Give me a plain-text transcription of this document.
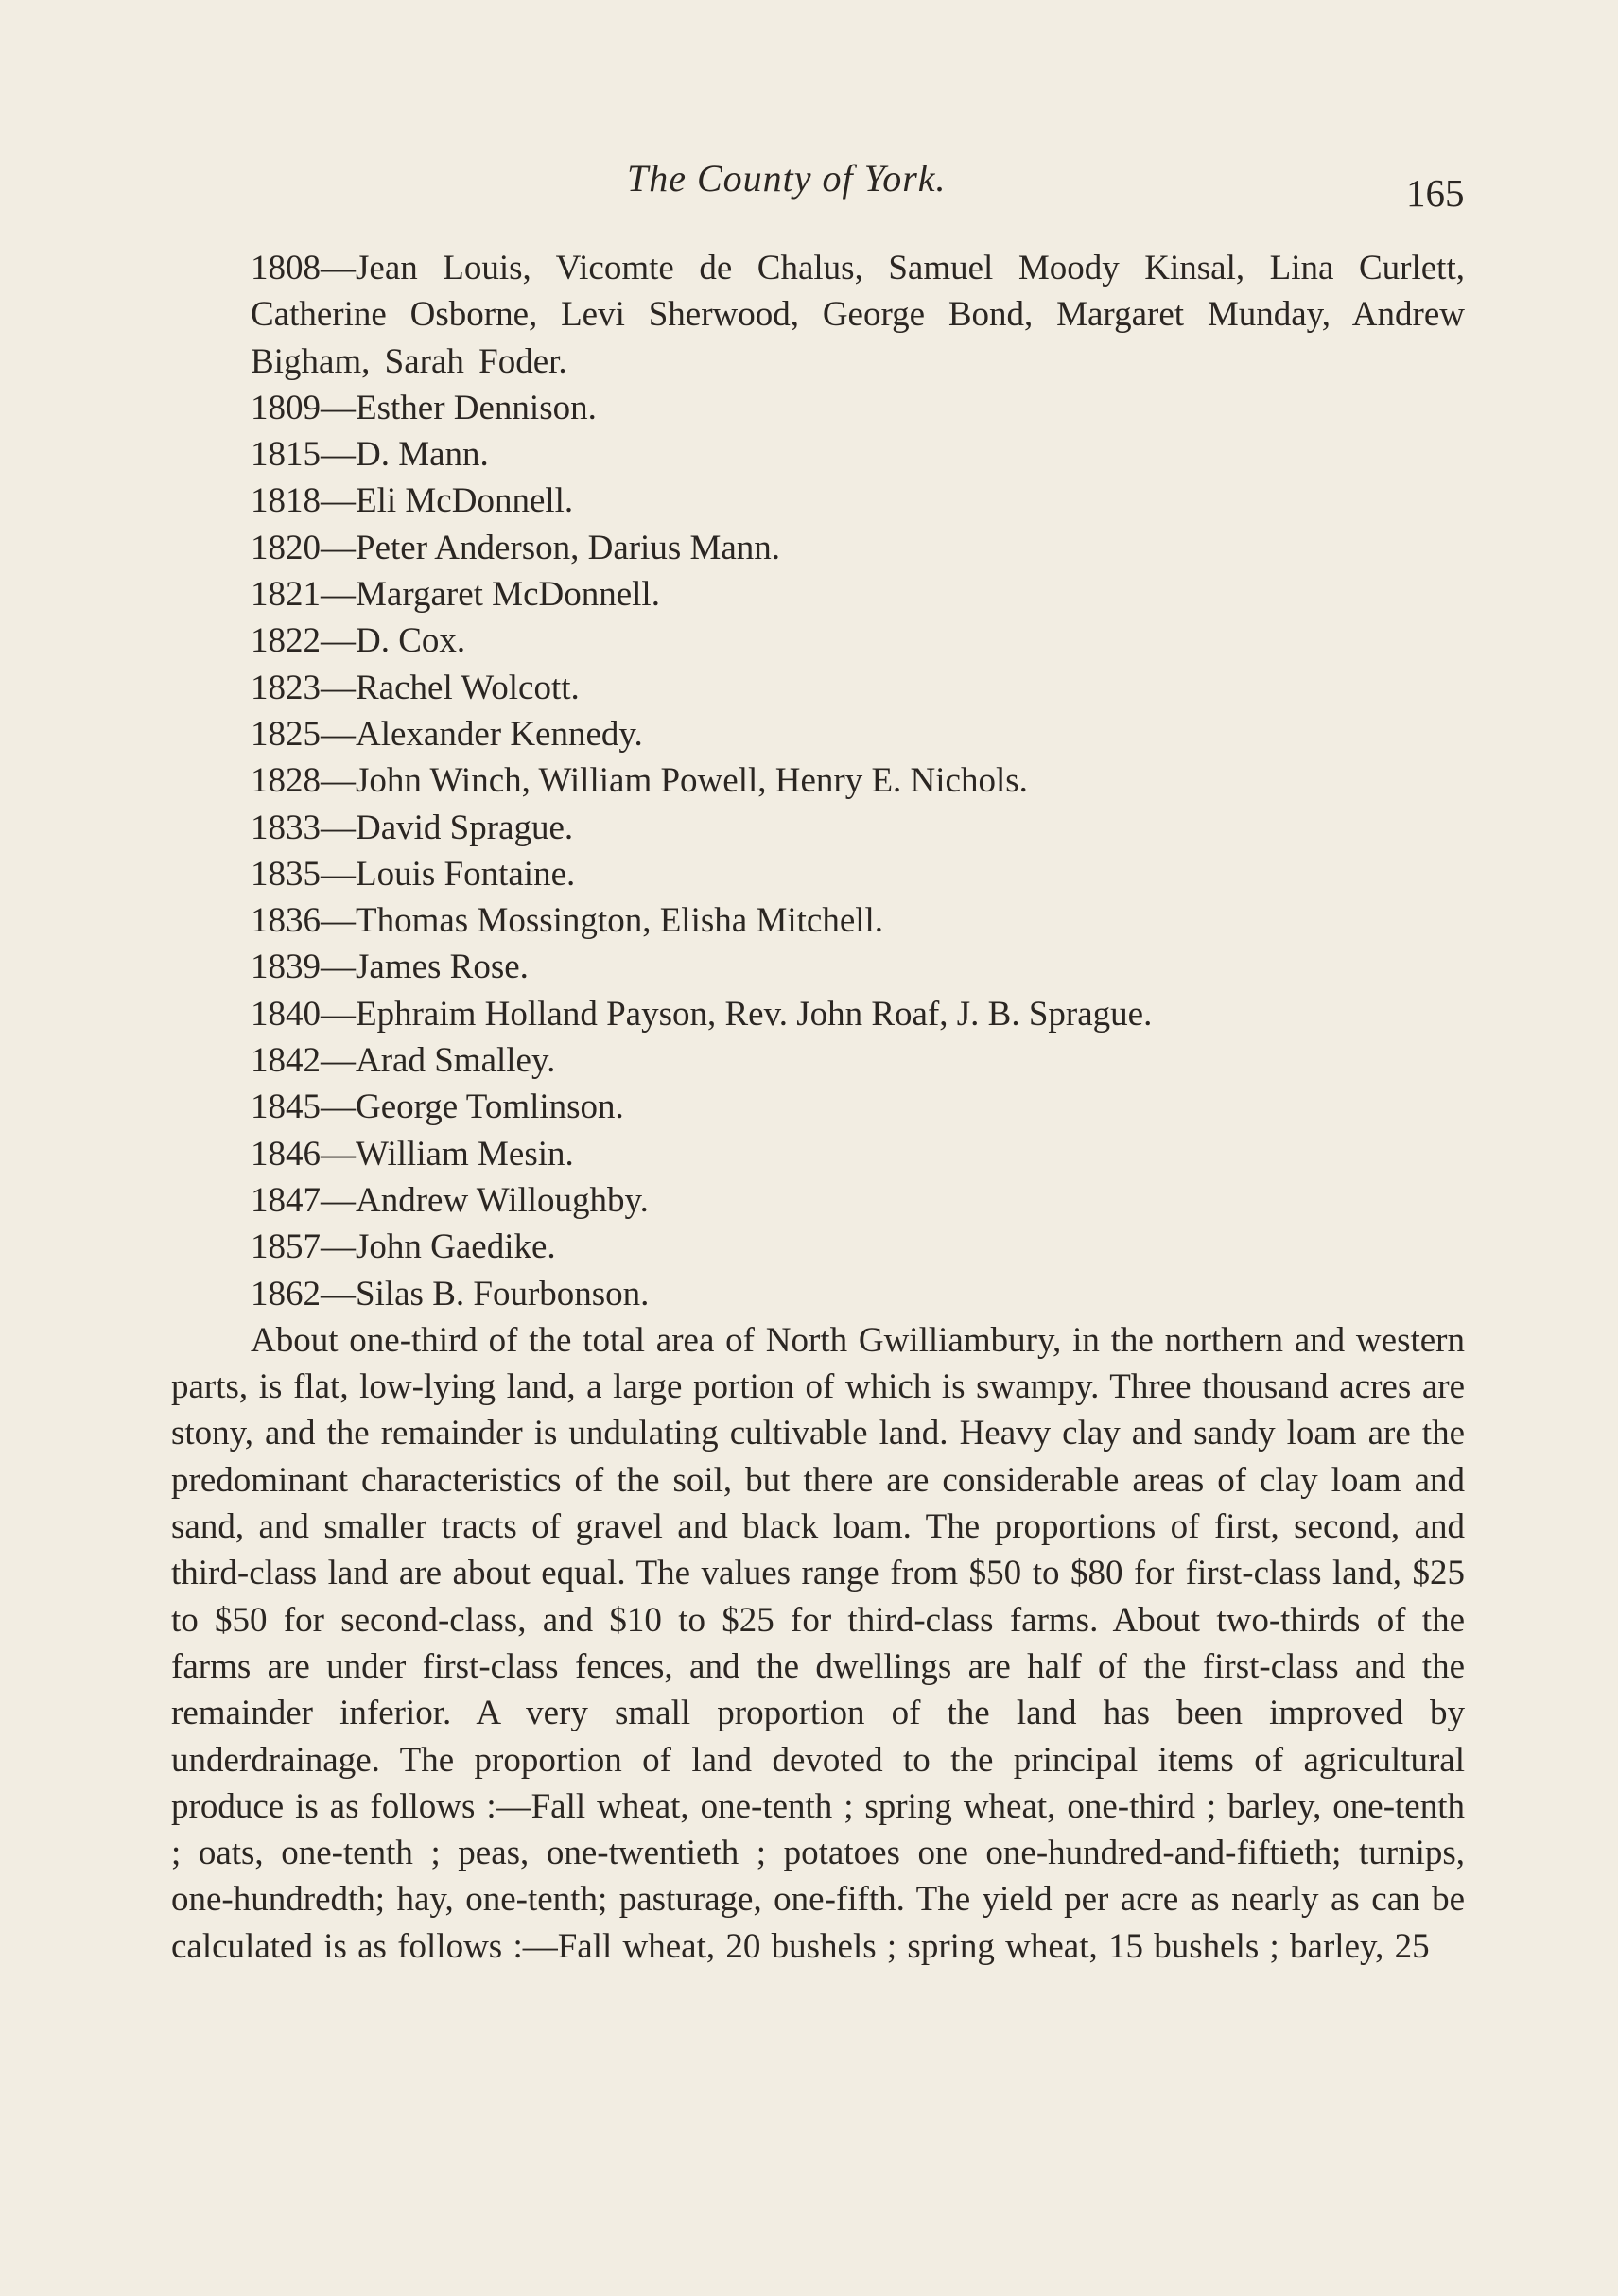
The County of York.	165
1808—Jean Louis, Vicomte de Chalus, Samuel Moody Kinsal, Lina Curlett, Catherine Osborne, Levi Sherwood, George Bond, Margaret Munday, Andrew Bigham, Sarah Foder.
1809—Esther Dennison.
1815—D. Mann.
1818—Eli McDonnell.
1820—Peter Anderson, Darius Mann.
1821—Margaret McDonnell.
1822—D. Cox.
1823—Rachel Wolcott.
1825—Alexander Kennedy.
1828—John Winch, William Powell, Henry E. Nichols.
1833—David Sprague.
1835—Louis Fontaine.
1836—Thomas Mossington, Elisha Mitchell.
1839—James Rose.
1840—Ephraim Holland Payson, Rev. John Roaf, J. B. Sprague.
1842—Arad Smalley.
1845—George Tomlinson.
1846—William Mesin.
1847—Andrew Willoughby.
1857—John Gaedike.
1862—Silas B. Fourbonson.

About one-third of the total area of North Gwilliambury, in the northern and western parts, is flat, low-lying land, a large portion of which is swampy. Three thousand acres are stony, and the remainder is undulating cultivable land. Heavy clay and sandy loam are the predominant characteristics of the soil, but there are considerable areas of clay loam and sand, and smaller tracts of gravel and black loam. The proportions of first, second, and third-class land are about equal. The values range from $50 to $80 for first-class land, $25 to $50 for second-class, and $10 to $25 for third-class farms. About two-thirds of the farms are under first-class fences, and the dwellings are half of the first-class and the remainder inferior. A very small proportion of the land has been improved by underdrainage. The proportion of land devoted to the principal items of agricultural produce is as follows :—Fall wheat, one-tenth ; spring wheat, one-third ; barley, one-tenth ; oats, one-tenth ; peas, one-twentieth ; potatoes one one-hundred-and-fiftieth; turnips, one-hundredth; hay, one-tenth; pasturage, one-fifth. The yield per acre as nearly as can be calculated is as follows :—Fall wheat, 20 bushels ; spring wheat, 15 bushels ; barley, 25
